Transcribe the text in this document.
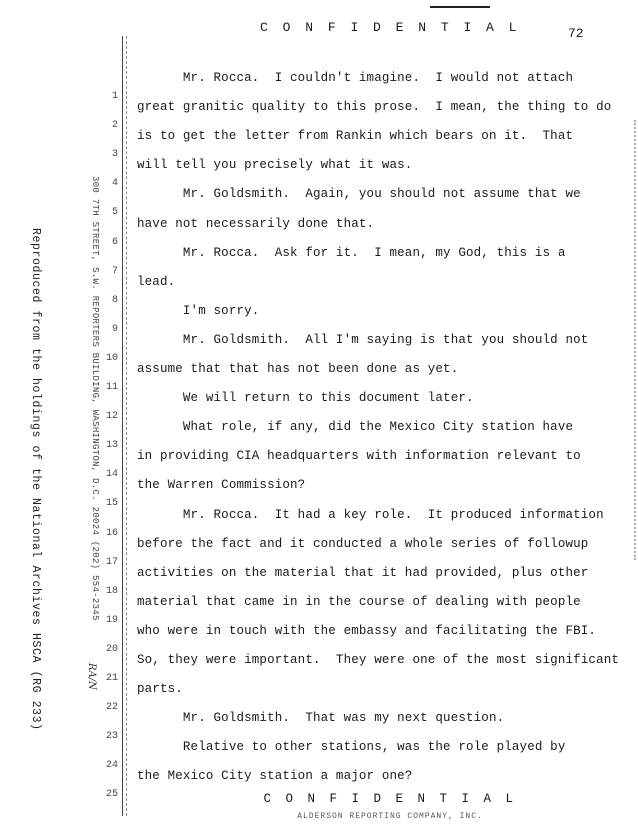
C O N F I D E N T I A L	72
Reproduced from the holdings of the National Archives HSCA (RG 233)	300 7TH STREET, S.W. REPORTERS BUILDING, WASHINGTON, D.C. 20024 (202) 554-2345
RA/N
1
2
3
4
5
6
7
8
9
10
11
12
13
14
15
16
17
18
19
20
21
22
23
24
25
Mr. Rocca.  I couldn't imagine.  I would not attach
great granitic quality to this prose.  I mean, the thing to do
is to get the letter from Rankin which bears on it.  That
will tell you precisely what it was.
Mr. Goldsmith.  Again, you should not assume that we
have not necessarily done that.
Mr. Rocca.  Ask for it.  I mean, my God, this is a
lead.
I'm sorry.
Mr. Goldsmith.  All I'm saying is that you should not
assume that that has not been done as yet.
We will return to this document later.
What role, if any, did the Mexico City station have
in providing CIA headquarters with information relevant to
the Warren Commission?
Mr. Rocca.  It had a key role.  It produced information
before the fact and it conducted a whole series of followup
activities on the material that it had provided, plus other
material that came in in the course of dealing with people
who were in touch with the embassy and facilitating the FBI.
So, they were important.  They were one of the most significant
parts.
Mr. Goldsmith.  That was my next question.
Relative to other stations, was the role played by
the Mexico City station a major one?
C O N F I D E N T I A L
ALDERSON REPORTING COMPANY, INC.
